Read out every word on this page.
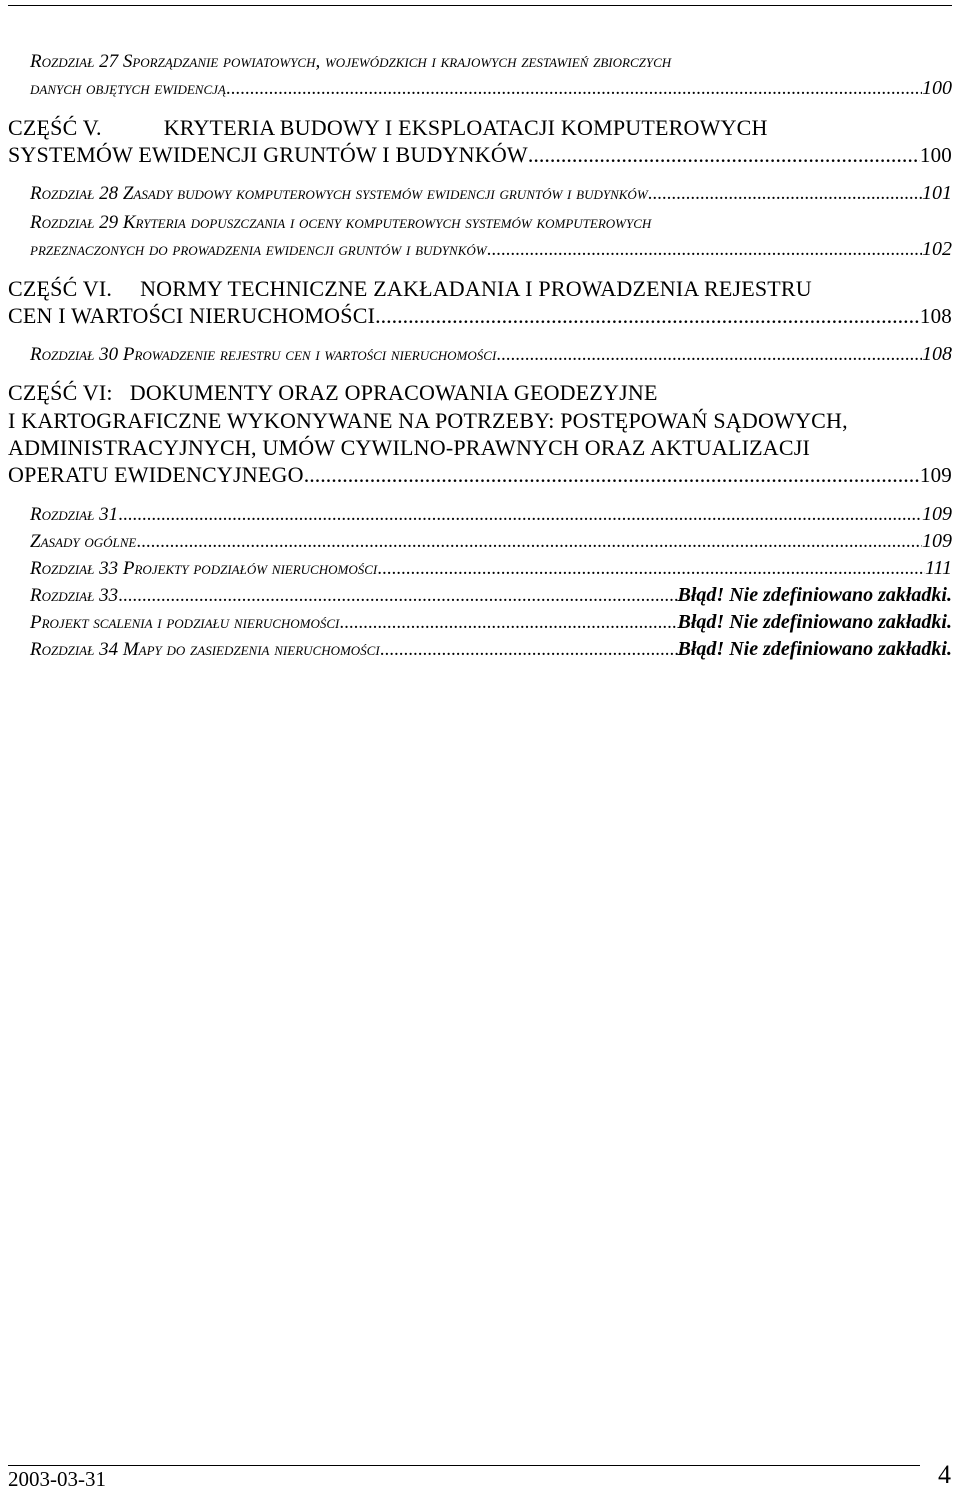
Rozdział 27 Sporządzanie powiatowych, wojewódzkich i krajowych zestawień zbiorczych
danych objętych ewidencją .....	100
CZĘŚĆ V.	KRYTERIA BUDOWY I EKSPLOATACJI KOMPUTEROWYCH
SYSTEMÓW EWIDENCJI GRUNTÓW I BUDYNKÓW .....	100
Rozdział 28 Zasady budowy komputerowych systemów ewidencji gruntów i budynków .....	101
Rozdział 29 Kryteria dopuszczania i oceny komputerowych systemów komputerowych
przeznaczonych do prowadzenia ewidencji gruntów i budynków .....	102
CZĘŚĆ VI. NORMY TECHNICZNE ZAKŁADANIA I PROWADZENIA REJESTRU
CEN I WARTOŚCI NIERUCHOMOŚCI .....	108
Rozdział 30 Prowadzenie rejestru cen i wartości nieruchomości .....	108
CZĘŚĆ VI:   DOKUMENTY ORAZ OPRACOWANIA GEODEZYJNE
I KARTOGRAFICZNE WYKONYWANE NA POTRZEBY: POSTĘPOWAŃ SĄDOWYCH,
ADMINISTRACYJNYCH, UMÓW CYWILNO-PRAWNYCH ORAZ AKTUALIZACJI
OPERATU EWIDENCYJNEGO .....	109
Rozdział 31 .....	109
Zasady ogólne .....	109
Rozdział 33 Projekty podziałów nieruchomości .....	111
Rozdział 33 .....	Błąd! Nie zdefiniowano zakładki.
Projekt scalenia i podziału nieruchomości .....	Błąd! Nie zdefiniowano zakładki.
Rozdział 34 Mapy do zasiedzenia nieruchomości .....	Błąd! Nie zdefiniowano zakładki.
2003-03-31	4
